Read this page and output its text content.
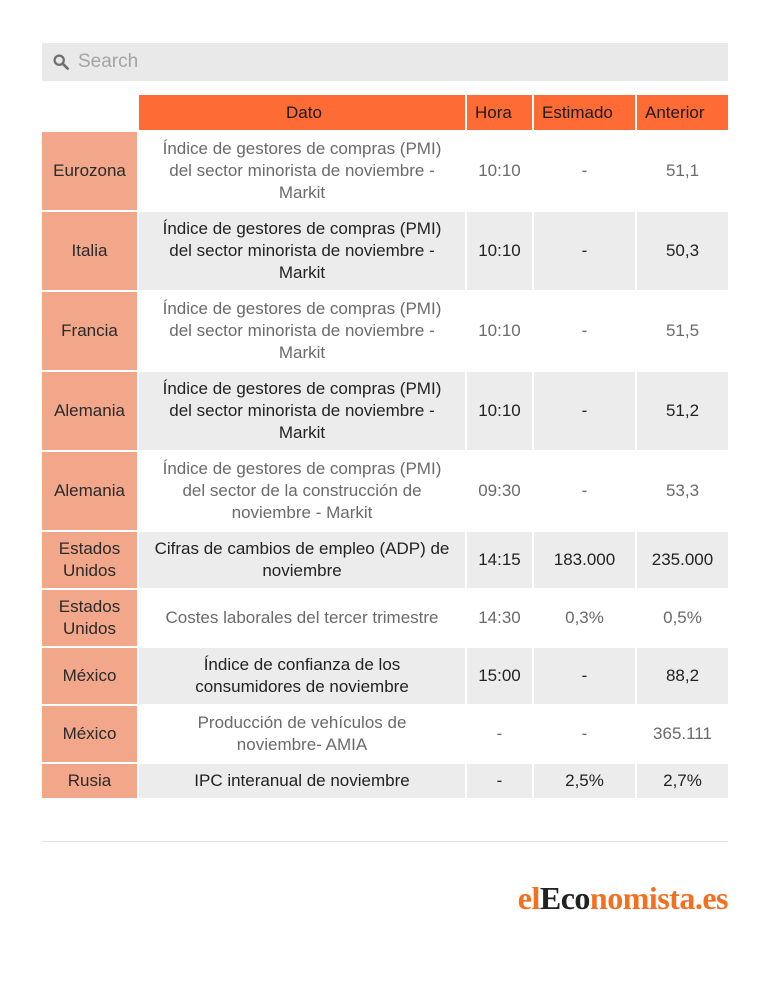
Search
	Dato	Hora	Estimado	Anterior
Eurozona	Índice de gestores de compras (PMI)
del sector minorista de noviembre -
Markit	10:10	-	51,1
Italia	Índice de gestores de compras (PMI)
del sector minorista de noviembre -
Markit	10:10	-	50,3
Francia	Índice de gestores de compras (PMI)
del sector minorista de noviembre -
Markit	10:10	-	51,5
Alemania	Índice de gestores de compras (PMI)
del sector minorista de noviembre -
Markit	10:10	-	51,2
Alemania	Índice de gestores de compras (PMI)
del sector de la construcción de
noviembre - Markit	09:30	-	53,3
Estados
Unidos	Cifras de cambios de empleo (ADP) de
noviembre	14:15	183.000	235.000
Estados
Unidos	Costes laborales del tercer trimestre	14:30	0,3%	0,5%
México	Índice de confianza de los
consumidores de noviembre	15:00	-	88,2
México	Producción de vehículos de
noviembre- AMIA	-	-	365.111
Rusia	IPC interanual de noviembre	-	2,5%	2,7%
elEconomista.es
